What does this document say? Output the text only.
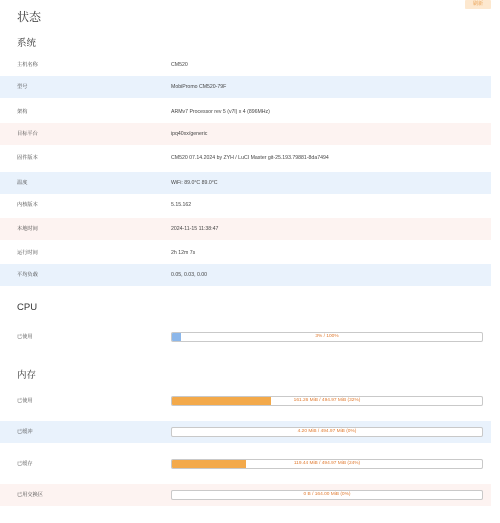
刷新
状态
系统
主机名称	CM520
型号	MobiPromo CM520-79F
架构	ARMv7 Processor rev 5 (v7l) x 4 (896MHz)
目标平台	ipq40xx/generic
固件版本	CM520 07.14.2024 by ZYH / LuCI Master git-25.193.79881-8da7494
温度	WiFi: 89.0°C 89.0°C
内核版本	5.15.162
本地时间	2024-11-15 11:38:47
运行时间	2h 12m 7s
平均负载	0.05, 0.03, 0.00
CPU
已使用	3% / 100%
内存
已使用	161.26 MiB / 494.97 MiB (32%)
已缓冲	4.20 MiB / 494.97 MiB (0%)
已缓存	119.44 MiB / 494.97 MiB (24%)
已用交换区	0 B / 164.00 MiB (0%)
